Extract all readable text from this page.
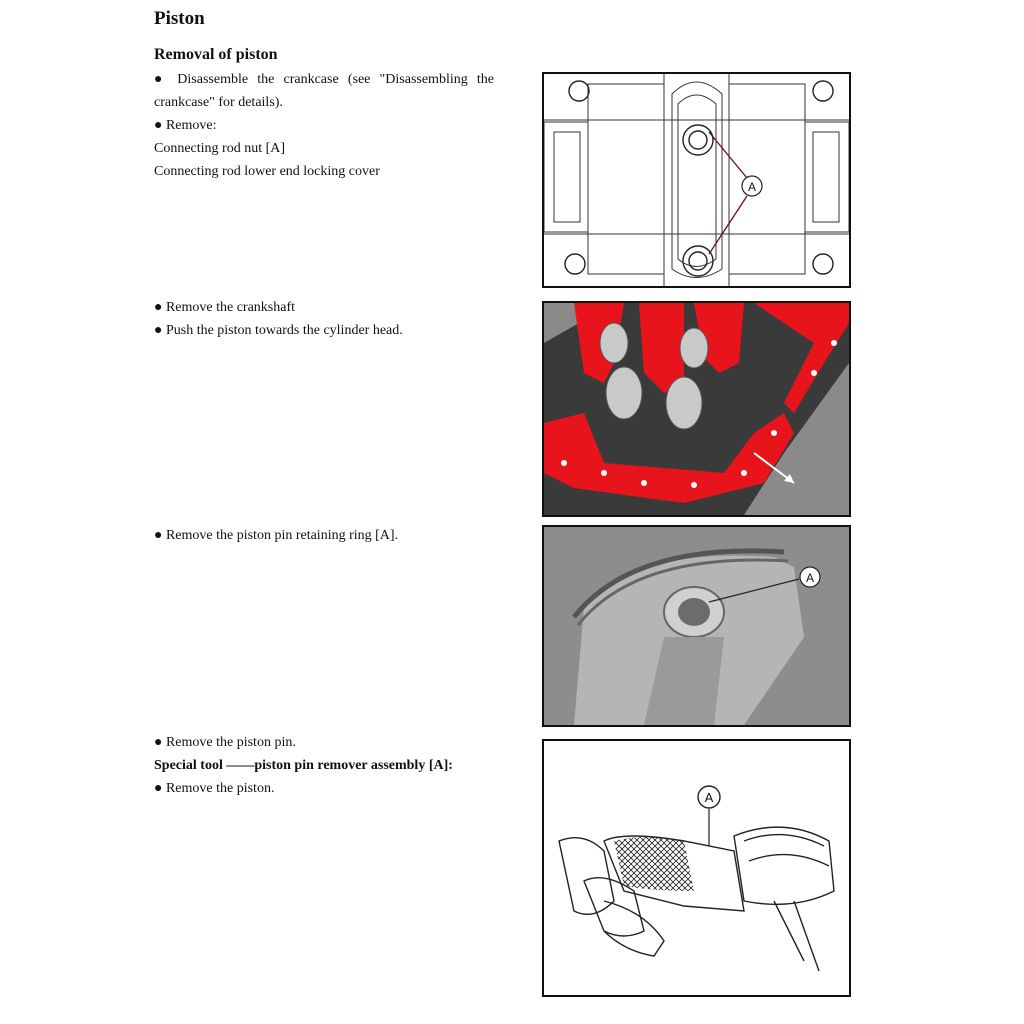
Piston
Removal of piston
● Disassemble the crankcase (see "Disassembling the crankcase" for details).
● Remove:
Connecting rod nut [A]
Connecting rod lower end locking cover
● Remove the crankshaft
● Push the piston towards the cylinder head.
● Remove the piston pin retaining ring [A].
● Remove the piston pin.
Special tool ——piston pin remover assembly [A]:
● Remove the piston.
A
A
A
